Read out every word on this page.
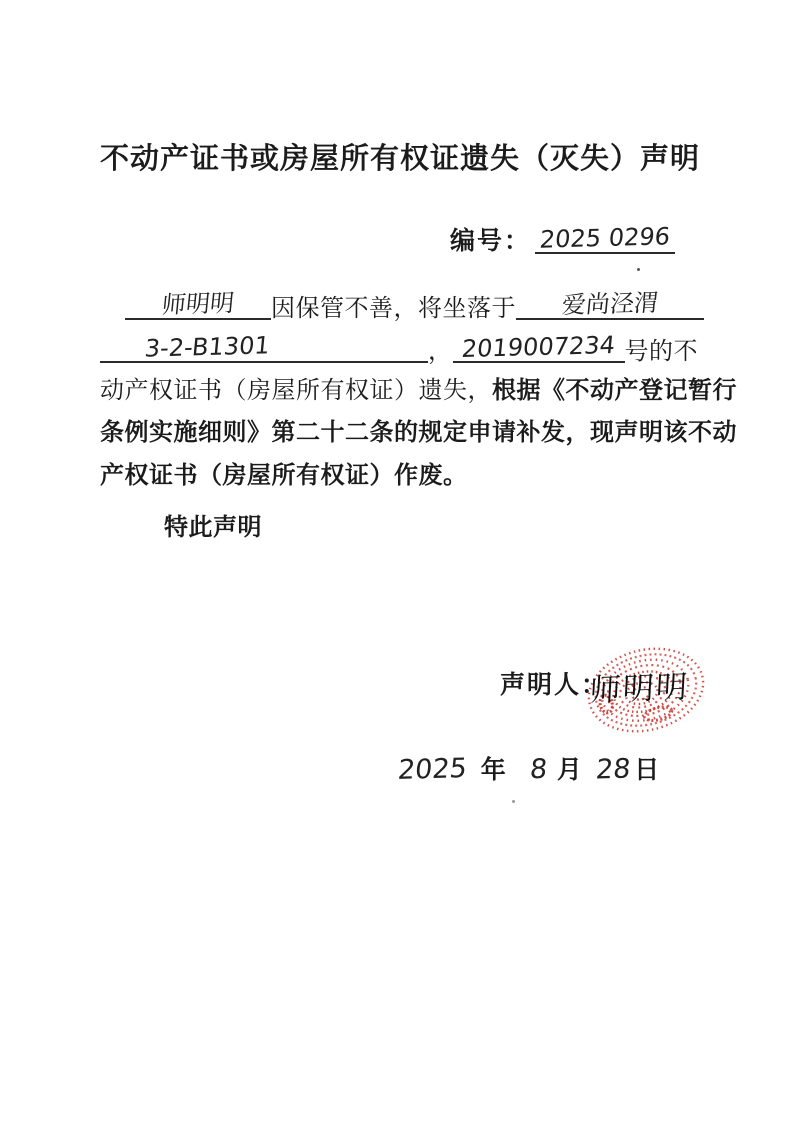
不动产证书或房屋所有权证遗失（灭失）声明
编号： 2025 0296
师明明 因保管不善，将坐落于 爱尚泾渭
3-2-B1301	， 2019007234 号的不
动产权证书（房屋所有权证）遗失，根据《不动产登记暂行
条例实施细则》第二十二条的规定申请补发，现声明该不动
产权证书（房屋所有权证）作废。
特此声明
声明人：
师明明
2025 年 8 月 28日
